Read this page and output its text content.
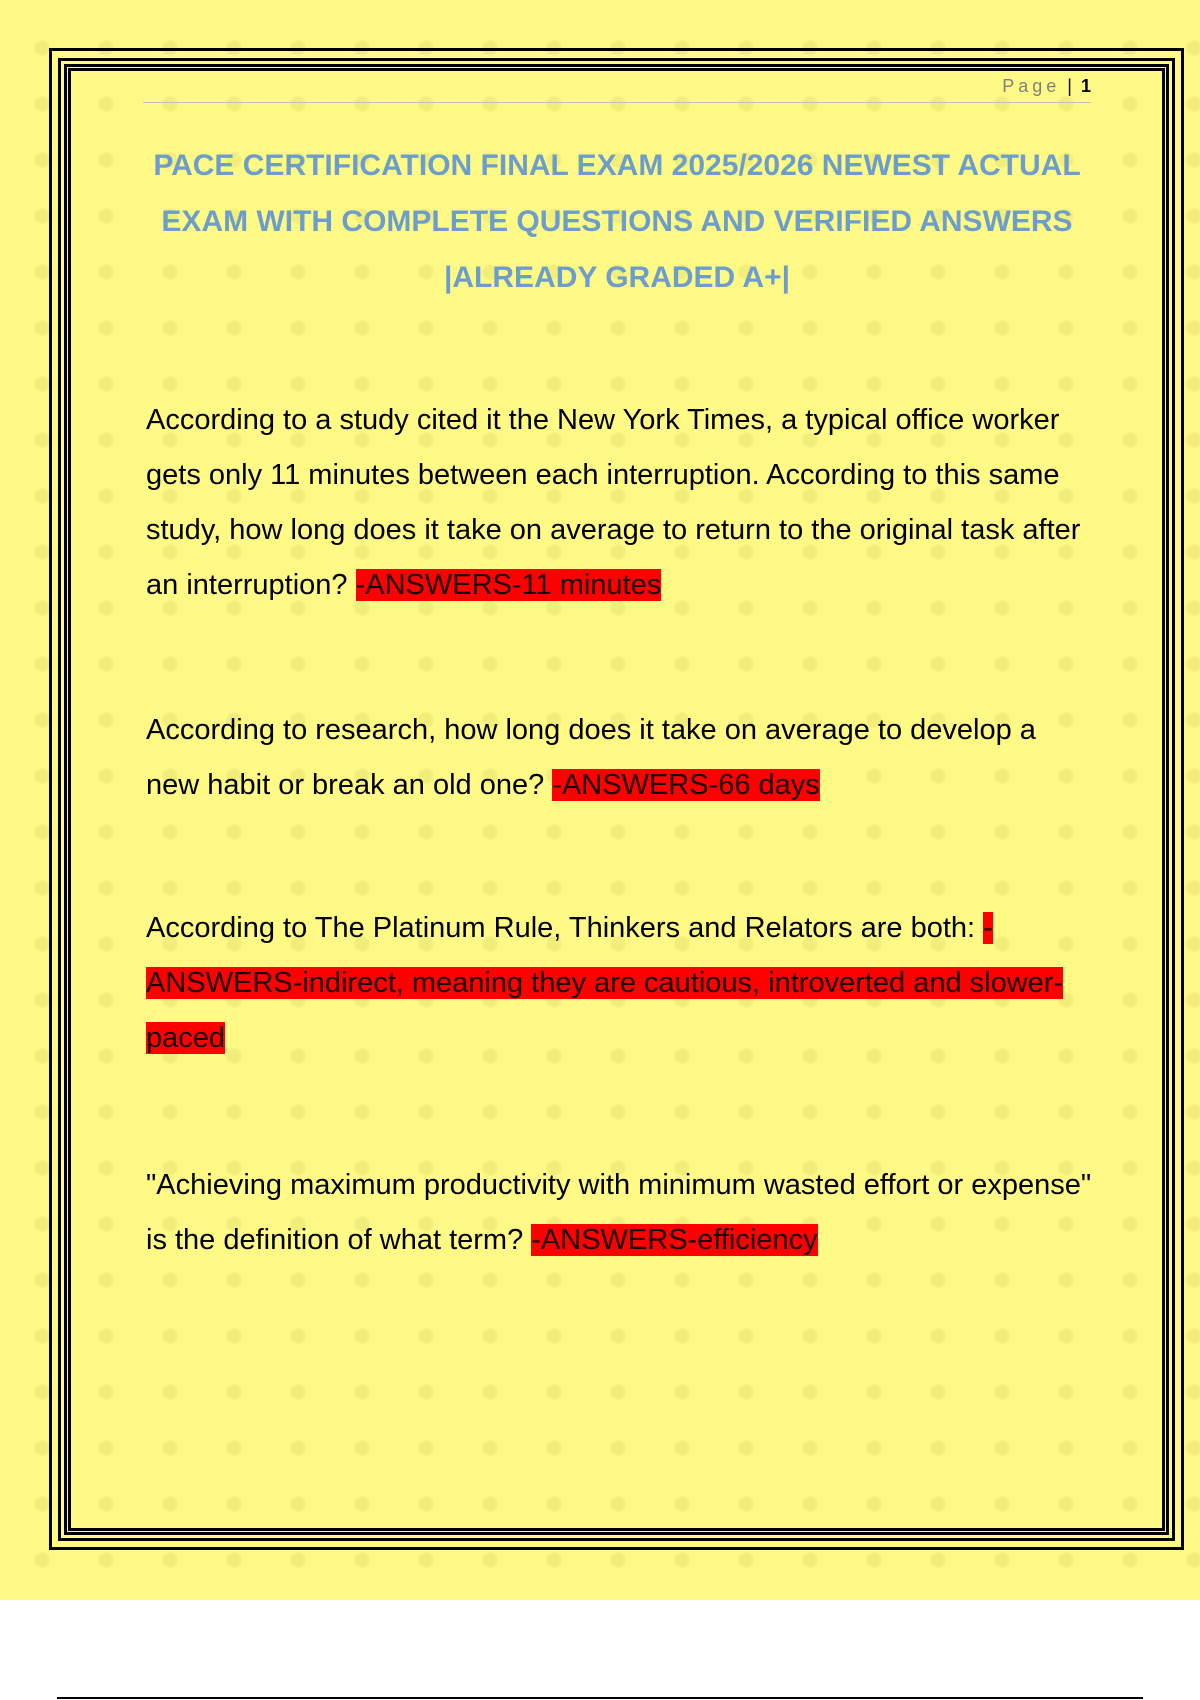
Page | 1
PACE CERTIFICATION FINAL EXAM 2025/2026 NEWEST ACTUAL EXAM WITH COMPLETE QUESTIONS AND VERIFIED ANSWERS |ALREADY GRADED A+|

According to a study cited it the New York Times, a typical office worker gets only 11 minutes between each interruption. According to this same study, how long does it take on average to return to the original task after an interruption? -ANSWERS-11 minutes

According to research, how long does it take on average to develop a new habit or break an old one? -ANSWERS-66 days

According to The Platinum Rule, Thinkers and Relators are both: -ANSWERS-indirect, meaning they are cautious, introverted and slower-paced

"Achieving maximum productivity with minimum wasted effort or expense" is the definition of what term? -ANSWERS-efficiency
